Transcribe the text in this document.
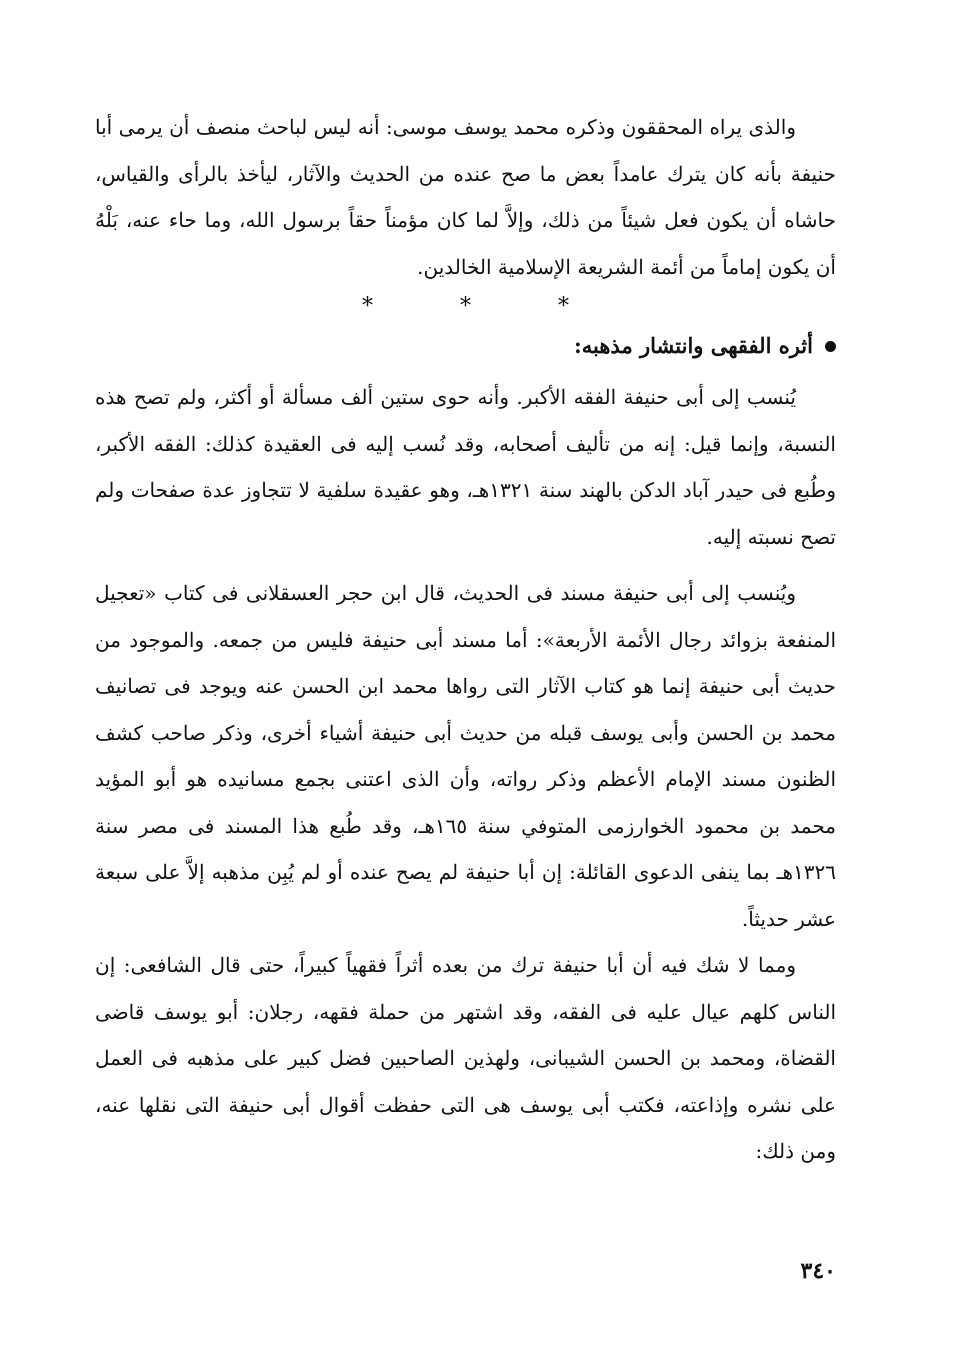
والذى يراه المحققون وذكره محمد يوسف موسى: أنه ليس لباحث منصف أن يرمى أبا حنيفة بأنه كان يترك عامداً بعض ما صح عنده من الحديث والآثار، ليأخذ بالرأى والقياس، حاشاه أن يكون فعل شيئاً من ذلك، وإلاَّ لما كان مؤمناً حقاً برسول الله، وما حاء عنه، بَلْهُ أن يكون إماماً من أئمة الشريعة الإسلامية الخالدين.

* * *
أثره الفقهى وانتشار مذهبه:

يُنسب إلى أبى حنيفة الفقه الأكبر. وأنه حوى ستين ألف مسألة أو أكثر، ولم تصح هذه النسبة، وإنما قيل: إنه من تأليف أصحابه، وقد نُسب إليه فى العقيدة كذلك: الفقه الأكبر، وطُبع فى حيدر آباد الدكن بالهند سنة ١٣٢١هـ، وهو عقيدة سلفية لا تتجاوز عدة صفحات ولم تصح نسبته إليه.

ويُنسب إلى أبى حنيفة مسند فى الحديث، قال ابن حجر العسقلانى فى كتاب «تعجيل المنفعة بزوائد رجال الأئمة الأربعة»: أما مسند أبى حنيفة فليس من جمعه. والموجود من حديث أبى حنيفة إنما هو كتاب الآثار التى رواها محمد ابن الحسن عنه ويوجد فى تصانيف محمد بن الحسن وأبى يوسف قبله من حديث أبى حنيفة أشياء أخرى، وذكر صاحب كشف الظنون مسند الإمام الأعظم وذكر رواته، وأن الذى اعتنى بجمع مسانيده هو أبو المؤيد محمد بن محمود الخوارزمى المتوفي سنة ١٦٥هـ، وقد طُبع هذا المسند فى مصر سنة ١٣٢٦هـ بما ينفى الدعوى القائلة: إن أبا حنيفة لم يصح عنده أو لم يُبِن مذهبه إلاَّ على سبعة عشر حديثاً.

ومما لا شك فيه أن أبا حنيفة ترك من بعده أثراً فقهياً كبيراً، حتى قال الشافعى: إن الناس كلهم عيال عليه فى الفقه، وقد اشتهر من حملة فقهه، رجلان: أبو يوسف قاضى القضاة، ومحمد بن الحسن الشيبانى، ولهذين الصاحبين فضل كبير على مذهبه فى العمل على نشره وإذاعته، فكتب أبى يوسف هى التى حفظت أقوال أبى حنيفة التى نقلها عنه، ومن ذلك:

٣٤٠
